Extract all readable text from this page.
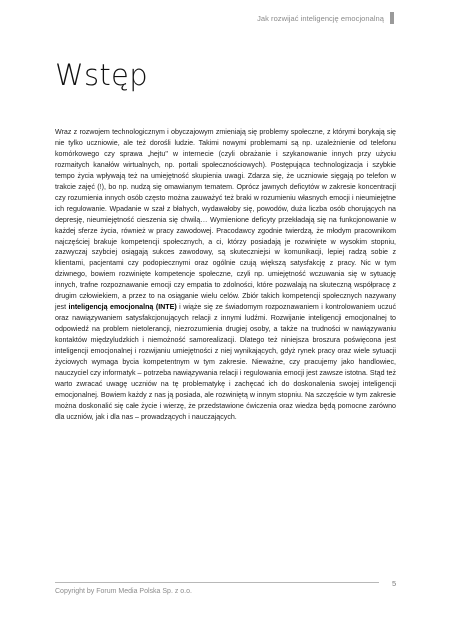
Jak rozwijać inteligencję emocjonalną
Wstęp

Wraz z rozwojem technologicznym i obyczajowym zmieniają się problemy społeczne, z którymi borykają się nie tylko uczniowie, ale też dorośli ludzie. Takimi nowymi problemami są np. uzależnienie od telefonu komórkowego czy sprawa „hejtu" w internecie (czyli obrażanie i szykanowanie innych przy użyciu rozmaitych kanałów wirtualnych, np. portali społecznościowych). Postępująca technologizacja i szybkie tempo życia wpływają też na umiejętność skupienia uwagi. Zdarza się, że uczniowie sięgają po telefon w trakcie zajęć (!), bo np. nudzą się omawianym tematem. Oprócz jawnych deficytów w zakresie koncentracji czy rozumienia innych osób często można zauważyć też braki w rozumieniu własnych emocji i nieumiejętne ich regulowanie. Wpadanie w szał z błahych, wydawałoby się, powodów, duża liczba osób chorujących na depresję, nieumiejętność cieszenia się chwilą… Wymienione deficyty przekładają się na funkcjonowanie w każdej sferze życia, również w pracy zawodowej. Pracodawcy zgodnie twierdzą, że młodym pracownikom najczęściej brakuje kompetencji społecznych, a ci, którzy posiadają je rozwinięte w wysokim stopniu, zazwyczaj szybciej osiągają sukces zawodowy, są skuteczniejsi w komunikacji, lepiej radzą sobie z klientami, pacjentami czy podopiecznymi oraz ogólnie czują większą satysfakcję z pracy. Nic w tym dziwnego, bowiem rozwinięte kompetencje społeczne, czyli np. umiejętność wczuwania się w sytuację innych, trafne rozpoznawanie emocji czy empatia to zdolności, które pozwalają na skuteczną współpracę z drugim człowiekiem, a przez to na osiąganie wielu celów. Zbiór takich kompetencji społecznych nazywany jest inteligencją emocjonalną (INTE) i wiąże się ze świadomym rozpoznawaniem i kontrolowaniem uczuć oraz nawiązywaniem satysfakcjonujących relacji z innymi ludźmi. Rozwijanie inteligencji emocjonalnej to odpowiedź na problem nietolerancji, niezrozumienia drugiej osoby, a także na trudności w nawiązywaniu kontaktów międzyludzkich i niemożność samorealizacji. Dlatego też niniejsza broszura poświęcona jest inteligencji emocjonalnej i rozwijaniu umiejętności z niej wynikających, gdyż rynek pracy oraz wiele sytuacji życiowych wymaga bycia kompetentnym w tym zakresie. Nieważne, czy pracujemy jako handlowiec, nauczyciel czy informatyk – potrzeba nawiązywania relacji i regulowania emocji jest zawsze istotna. Stąd też warto zwracać uwagę uczniów na tę problematykę i zachęcać ich do doskonalenia swojej inteligencji emocjonalnej. Bowiem każdy z nas ją posiada, ale rozwiniętą w innym stopniu. Na szczęście w tym zakresie można doskonalić się całe życie i wierzę, że przedstawione ćwiczenia oraz wiedza będą pomocne zarówno dla uczniów, jak i dla nas – prowadzących i nauczających.

5
Copyright by Forum Media Polska Sp. z o.o.
